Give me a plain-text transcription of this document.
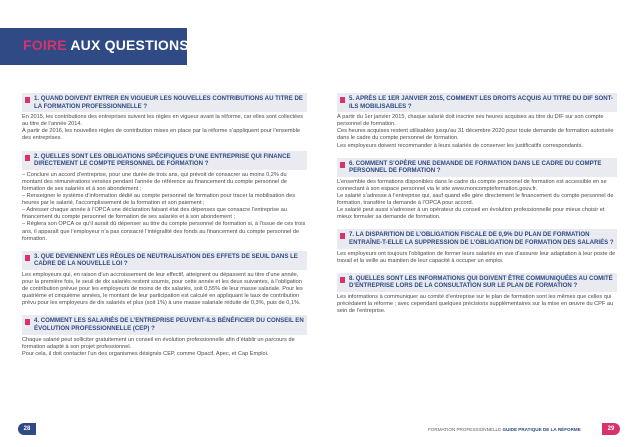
FOIRE AUX QUESTIONS
1. QUAND DOIVENT ENTRER EN VIGUEUR LES NOUVELLES CONTRIBUTIONS AU TITRE DE LA FORMATION PROFESSIONNELLE ?

En 2015, les contributions des entreprises suivent les règles en vigueur avant la réforme, car elles sont collectées au titre de l’année 2014.

À partir de 2016, les nouvelles règles de contribution mises en place par la réforme s’appliquent pour l’ensemble des entreprises.

2. QUELLES SONT LES OBLIGATIONS SPÉCIFIQUES D’UNE ENTREPRISE QUI FINANCE DIRECTEMENT LE COMPTE PERSONNEL DE FORMATION ?

– Conclure un accord d’entreprise, pour une durée de trois ans, qui prévoit de consacrer au moins 0,2% du montant des rémunérations versées pendant l’année de référence au financement du compte personnel de formation de ses salariés et à son abondement ;

– Renseigner le système d’information dédié au compte personnel de formation pour tracer la mobilisation des heures par le salarié, l’accomplissement de la formation et son paiement ;

– Adresser chaque année à l’OPCA une déclaration faisant état des dépenses que consacre l’entreprise au financement du compte personnel de formation de ses salariés et à son abondement ;

– Réglera son OPCA ce qu’il aurait dû dépenser au titre du compte personnel de formation si, à l’issue de ces trois ans, il apparaît que l’employeur n’a pas consacré l’intégralité des fonds au financement du compte personnel de formation.

3. QUE DEVIENNENT LES RÈGLES DE NEUTRALISATION DES EFFETS DE SEUIL DANS LE CADRE DE LA NOUVELLE LOI ?

Les employeurs qui, en raison d’un accroissement de leur effectif, atteignent ou dépassent au titre d’une année, pour la première fois, le seuil de dix salariés restent soumis, pour cette année et les deux suivantes, à l’obligation de contribution prévue pour les employeurs de moins de dix salariés, soit 0,55% de leur masse salariale. Pour les quatrième et cinquième années, le montant de leur participation est calculé en appliquant le taux de contribution prévu pour les employeurs de dix salariés et plus (soit 1%) à une masse salariale réduite de 0,3%, puis de 0,1%.

4. COMMENT LES SALARIÉS DE L’ENTREPRISE PEUVENT-ILS BÉNÉFICIER DU CONSEIL EN ÉVOLUTION PROFESSIONNELLE (CEP) ?

Chaque salarié peut solliciter gratuitement un conseil en évolution professionnelle afin d’établir un parcours de formation adapté à son projet professionnel.

Pour cela, il doit contacter l’un des organismes désignés CEP, comme Opacif, Apec, et Cap Emploi.

5. APRÈS LE 1ER JANVIER 2015, COMMENT LES DROITS ACQUIS AU TITRE DU DIF SONT-ILS MOBILISABLES ?

À partir du 1er janvier 2015, chaque salarié doit inscrire ses heures acquises au titre du DIF sur son compte personnel de formation.

Ces heures acquises restent utilisables jusqu’au 31 décembre 2020 pour toute demande de formation autorisée dans le cadre du compte personnel de formation.

Les employeurs doivent recommander à leurs salariés de conserver les justificatifs correspondants.

6. COMMENT S’OPÈRE UNE DEMANDE DE FORMATION DANS LE CADRE DU COMPTE PERSONNEL DE FORMATION ?

L’ensemble des formations disponibles dans le cadre du compte personnel de formation est accessible en se connectant à son espace personnel via le site www.moncompteformation.gouv.fr.

Le salarié s’adresse à l’entreprise qui, sauf quand elle gère directement le financement du compte personnel de formation, transfère la demande à l’OPCA pour accord.

Le salarié peut aussi s’adresser à un opérateur du conseil en évolution professionnelle pour mieux choisir et mieux formuler sa demande de formation.

7. LA DISPARITION DE L’OBLIGATION FISCALE DE 0,9% DU PLAN DE FORMATION ENTRAÎNE-T-ELLE LA SUPPRESSION DE L’OBLIGATION DE FORMATION DES SALARIÉS ?

Les employeurs ont toujours l’obligation de former leurs salariés en vue d’assurer leur adaptation à leur poste de travail et la veille au maintien de leur capacité à occuper un emploi.

8. QUELLES SONT LES INFORMATIONS QUI DOIVENT ÊTRE COMMUNIQUÉES AU COMITÉ D’ENTREPRISE LORS DE LA CONSULTATION SUR LE PLAN DE FORMATION ?

Les informations à communiquer au comité d’entreprise sur le plan de formation sont les mêmes que celles qui précédaient la réforme ; avec cependant quelques précisions supplémentaires sur la mise en œuvre du CPF au sein de l’entreprise.

28	FORMATION PROFESSIONNELLE GUIDE PRATIQUE DE LA RÉFORME	29
